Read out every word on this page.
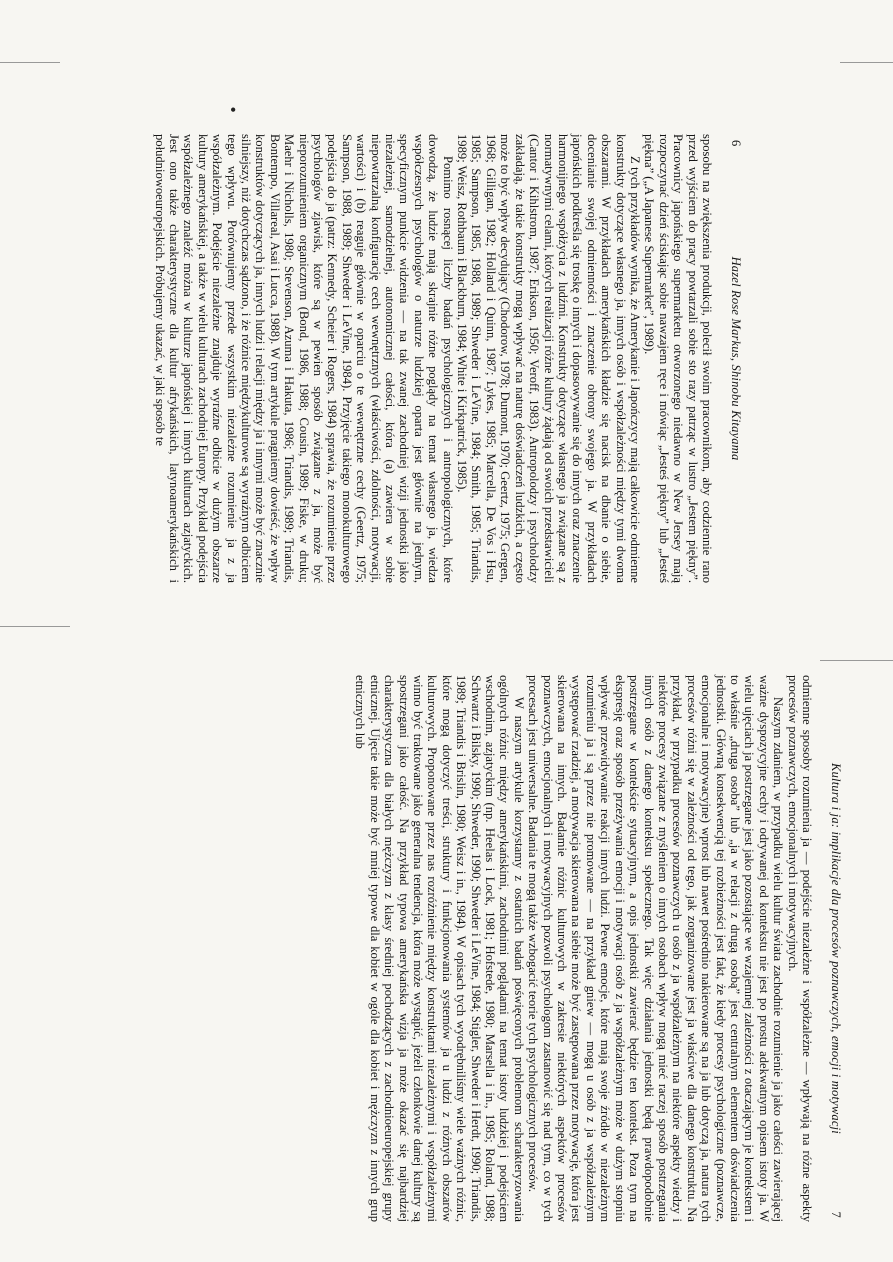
•
6
Hazel Rose Markus, Shinobu Kitayama

sposobu na zwiększenia produkcji, polecił swoim pracownikom, aby codziennie rano przed wyjściem do pracy powtarzali sobie sto razy patrząc w lustro „Jestem piękny”. Pracownicy japońskiego supermarketu otworzonego niedawno w New Jersey mają rozpoczynać dzień ściskając sobie nawzajem ręce i mówiąc „Jesteś piękny” lub „Jesteś piękna” („A Japanese Supermarket”, 1989).

Z tych przykładów wynika, że Amerykanie i Japończycy mają całkowicie odmienne konstrukty dotyczące własnego ja, innych osób i współzależności między tymi dwoma obszarami. W przykładach amerykańskich kładzie się nacisk na dbanie o siebie, docenianie swojej odmienności i znaczenie obrony swojego ja. W przykładach japońskich podkreśla się troskę o innych i dopasowywanie się do innych oraz znaczenie harmonijnego współżycia z ludźmi. Konstrukty dotyczące własnego ja związane są z normatywnymi celami, których realizacji różne kultury żądają od swoich przedstawicieli (Cantor i Kihlstrom, 1987; Erikson, 1950; Veroff, 1983). Antropolodzy i psycholodzy zakładają, że takie konstrukty mogą wpływać na naturę doświadczeń ludzkich, a często może to być wpływ decydujący (Chodorow, 1978; Dumont, 1970; Geertz, 1975; Gergen, 1968; Gilligan, 1982; Holland i Quinn, 1987; Lykes, 1985; Marcella, De Vos i Hsu, 1985; Sampson, 1985, 1988, 1989; Shweder i LeVine, 1984; Smith, 1985; Triandis, 1989; Weisz, Rothbaum i Blackburn, 1984; White i Kirkpatrick, 1985).

Pomimo rosnącej liczby badań psychologicznych i antropologicznych, które dowodzą, że ludzie mają skrajnie różne poglądy na temat własnego ja, wiedza współczesnych psychologów o naturze ludzkiej oparta jest głównie na jednym, specyficznym punkcie widzenia — na tak zwanej zachodniej wizji jednostki jako niezależnej, samodzielnej, autonomicznej całości, która (a) zawiera w sobie niepowtarzalną konfigurację cech wewnętrznych (właściwości, zdolności, motywacji, wartości) i (b) reaguje głównie w oparciu o te wewnętrzne cechy (Geertz, 1975; Sampson, 1988, 1989; Shweder i LeVine, 1984). Przyjęcie takiego monokulturowego podejścia do ja (patrz: Kennedy, Scheier i Rogers, 1984) sprawia, że rozumienie przez psychologów zjawisk, które są w pewien sposób związane z ja, może być nieporozumieniem organicznym (Bond, 1986, 1988; Cousin, 1989; Fiske, w druku; Maehr i Nicholls, 1980; Stevenson, Azuma i Hakuta, 1986; Triandis, 1989; Triandis, Bontempo, Villareal, Asai i Lucca, 1988). W tym artykule pragniemy dowieść, że wpływ konstruktów dotyczących ja, innych ludzi i relacji między ja i innymi może być znacznie silniejszy, niż dotychczas sądzono, i że różnice międzykulturowe są wyraźnym odbiciem tego wpływu. Porównujemy przede wszystkim niezależne rozumienie ja z ja współzależnym. Podejście niezależne znajduje wyraźne odbicie w dużym obszarze kultury amerykańskiej, a także w wielu kulturach zachodniej Europy. Przykład podejścia współzależnego znaleźć można w kulturze japońskiej i innych kulturach azjatyckich. Jest ono także charakterystyczne dla kultur afrykańskich, latynoamerykańskich i południowoeuropejskich. Próbujemy ukazać, w jaki sposób te

Kultura i ja: implikacje dla procesów poznawczych, emocji i motywacji
7

odmienne sposoby rozumienia ja — podejście niezależne i współzależne — wpływają na różne aspekty procesów poznawczych, emocjonalnych i motywacyjnych.

Naszym zdaniem, w przypadku wielu kultur świata zachodnie rozumienie ja jako całości zawierającej ważne dyspozycyjne cechy i odrywanej od kontekstu nie jest po prostu adekwatnym opisem istoty ja. W wielu ujęciach ja postrzegane jest jako pozostające we wzajemnej zależności z otaczającym je kontekstem i to właśnie „druga osoba” lub „ja w relacji z drugą osobą” jest centralnym elementem doświadczenia jednostki. Główną konsekwencją tej rozbieżności jest fakt, że kiedy procesy psychologiczne (poznawcze, emocjonalne i motywacyjne) wprost lub nawet pośrednio nakierowane są na ja lub dotyczą ja, natura tych procesów różni się w zależności od tego, jak zorganizowane jest ja właściwe dla danego konstruktu. Na przykład, w przypadku procesów poznawczych u osób z ja współzależnym na niektóre aspekty wiedzy i niektóre procesy związane z myśleniem o innych osobach wpływ mogą mieć raczej sposób postrzegania innych osób z danego kontekstu społecznego. Tak więc działania jednostki będą prawdopodobnie postrzegane w kontekście sytuacyjnym, a opis jednostki zawierać będzie ten kontekst. Poza tym na ekspresję oraz sposób przeżywania emocji i motywacji osób z ja współzależnym może w dużym stopniu wpływać przewidywanie reakcji innych ludzi. Pewne emocje, które mają swoje źródło w niezależnym rozumieniu ja i są przez nie promowane — na przykład gniew — mogą u osób z ja współzależnym występować rzadziej, a motywacja skierowana na siebie może być zastępowana przez motywację, która jest skierowana na innych. Badamie różnic kulturowych w zakresie niektórych aspektów procesów poznawczych, emocjonalnych i motywacyjnych pozwoli psychologom zastanowić się nad tym, co w tych procesach jest uniwersalne. Badania te mogą także wzbogacić teorie tych psychologicznych procesów.

W naszym artykule korzystamy z ostatnich badań poświęconych problemom scharakteryzowania ogólnych różnic między amerykańskimi, zachodnimi poglądami na temat istoty ludzkiej i podejściem wschodnim, azjatyckim (np. Heelas i Lock, 1981; Hofstede, 1980; Marsella i in., 1985; Roland, 1988; Schwartz i Bilsky, 1990; Shweder, 1990; Shweder i LeVine, 1984; Stigler, Shweder i Herdt, 1990; Triandis, 1989; Triandis i Brislin, 1980; Weisz i in., 1984). W opisach tych wyodrębniliśmy wiele ważnych różnic, które mogą dotyczyć treści, struktury i funkcjonowania systemów ja u ludzi z różnych obszarów kulturowych. Proponowane przez nas rozróżnienie między konstruktami niezależnymi i współzależnymi winno być traktowane jako generalna tendencja, która może wystąpić, jeżeli członkowie danej kultury są spostrzegani jako całość. Na przykład typowa amerykańska wizja ja może okazać się najbardziej charakterystyczna dla białych mężczyzn z klasy średniej pochodzących z zachodnioeuropejskiej grupy etnicznej. Ujęcie takie może być mniej typowe dla kobiet w ogóle dla kobiet i mężczyzn z innych grup etnicznych lub
